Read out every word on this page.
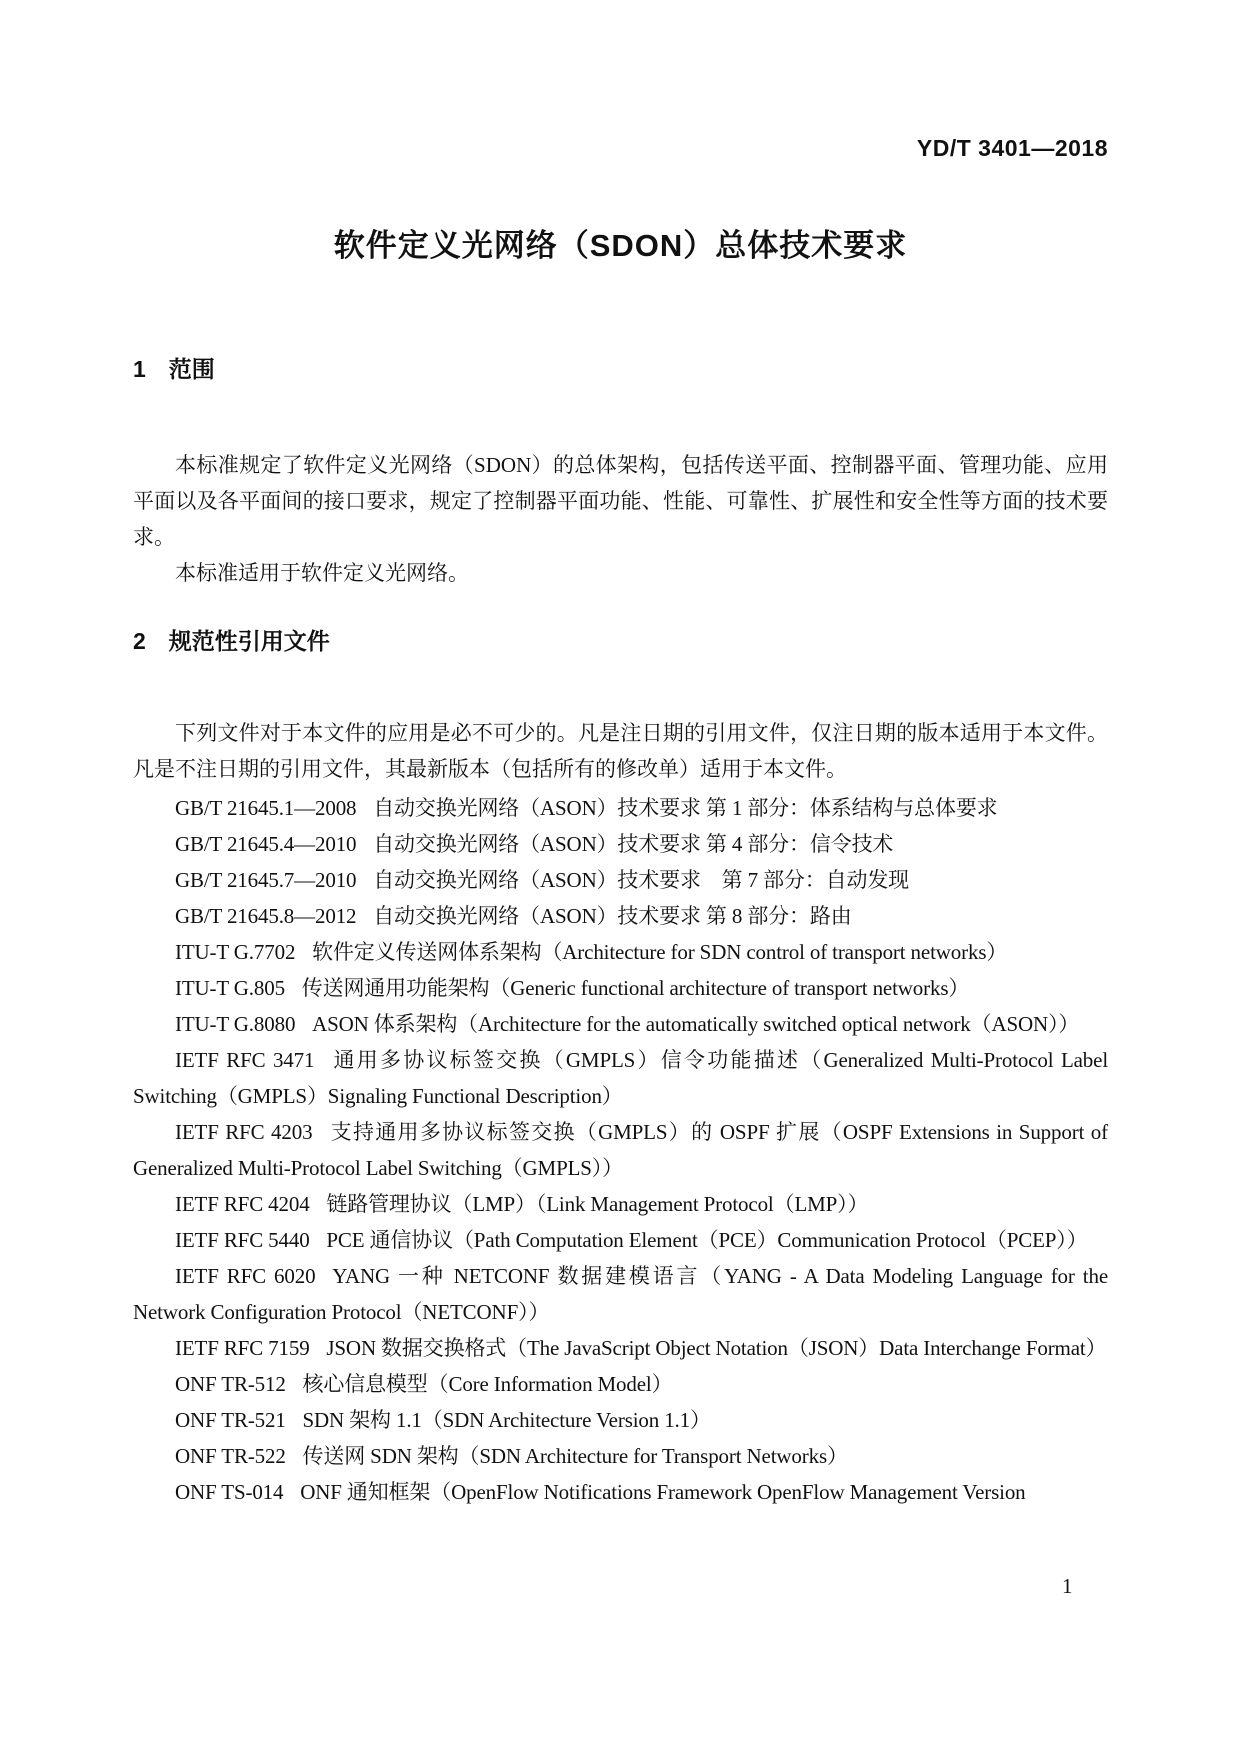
YD/T 3401—2018
软件定义光网络（SDON）总体技术要求
1　范围

本标准规定了软件定义光网络（SDON）的总体架构，包括传送平面、控制器平面、管理功能、应用平面以及各平面间的接口要求，规定了控制器平面功能、性能、可靠性、扩展性和安全性等方面的技术要求。

本标准适用于软件定义光网络。

2　规范性引用文件

下列文件对于本文件的应用是必不可少的。凡是注日期的引用文件，仅注日期的版本适用于本文件。凡是不注日期的引用文件，其最新版本（包括所有的修改单）适用于本文件。

GB/T 21645.1—2008 自动交换光网络（ASON）技术要求 第 1 部分：体系结构与总体要求

GB/T 21645.4—2010 自动交换光网络（ASON）技术要求 第 4 部分：信令技术

GB/T 21645.7—2010 自动交换光网络（ASON）技术要求　第 7 部分：自动发现

GB/T 21645.8—2012 自动交换光网络（ASON）技术要求 第 8 部分：路由

ITU-T G.7702 软件定义传送网体系架构（Architecture for SDN control of transport networks）

ITU-T G.805 传送网通用功能架构（Generic functional architecture of transport networks）

ITU-T G.8080 ASON 体系架构（Architecture for the automatically switched optical network（ASON））

IETF RFC 3471 通用多协议标签交换（GMPLS）信令功能描述（Generalized Multi-Protocol Label Switching（GMPLS）Signaling Functional Description）

IETF RFC 4203 支持通用多协议标签交换（GMPLS）的 OSPF 扩展（OSPF Extensions in Support of Generalized Multi-Protocol Label Switching（GMPLS））

IETF RFC 4204 链路管理协议（LMP）（Link Management Protocol（LMP））

IETF RFC 5440 PCE 通信协议（Path Computation Element（PCE）Communication Protocol（PCEP））

IETF RFC 6020 YANG 一种 NETCONF 数据建模语言（YANG - A Data Modeling Language for the Network Configuration Protocol（NETCONF））

IETF RFC 7159 JSON 数据交换格式（The JavaScript Object Notation（JSON）Data Interchange Format）

ONF TR-512 核心信息模型（Core Information Model）

ONF TR-521 SDN 架构 1.1（SDN Architecture Version 1.1）

ONF TR-522 传送网 SDN 架构（SDN Architecture for Transport Networks）

ONF TS-014 ONF 通知框架（OpenFlow Notifications Framework OpenFlow Management Version

1
